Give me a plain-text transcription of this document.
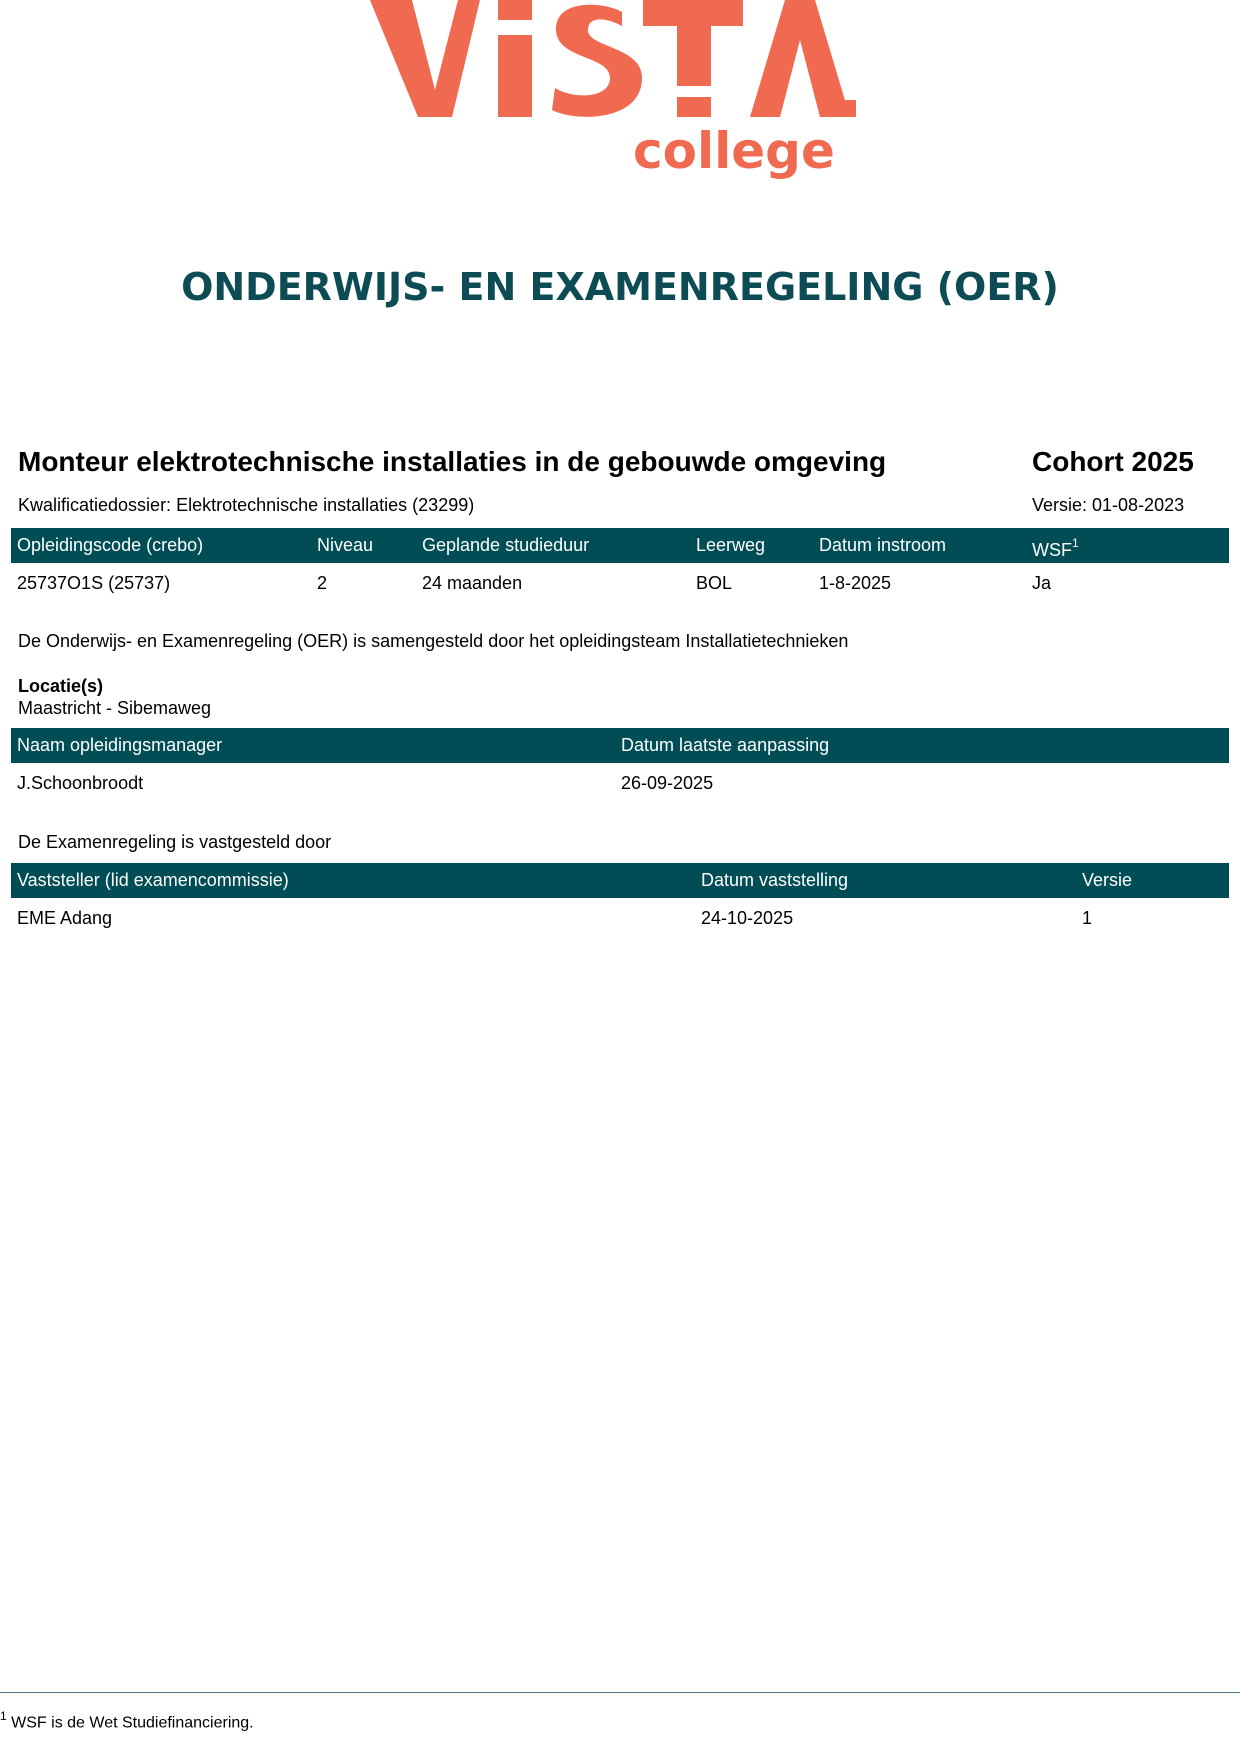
college
ONDERWIJS- EN EXAMENREGELING (OER)
Monteur elektrotechnische installaties in de gebouwde omgeving	Cohort 2025
Kwalificatiedossier: Elektrotechnische installaties (23299)	Versie: 01-08-2023
Opleidingscode (crebo)	Niveau	Geplande studieduur	Leerweg	Datum instroom	WSF$^1$
25737O1S (25737)	2	24 maanden	BOL	1-8-2025	Ja
De Onderwijs- en Examenregeling (OER) is samengesteld door het opleidingsteam Installatietechnieken
Locatie(s)
Maastricht - Sibemaweg
Naam opleidingsmanager	Datum laatste aanpassing
J.Schoonbroodt	26-09-2025
De Examenregeling is vastgesteld door
Vaststeller (lid examencommissie)	Datum vaststelling	Versie
EME Adang	24-10-2025	1
$^1$ WSF is de Wet Studiefinanciering.
